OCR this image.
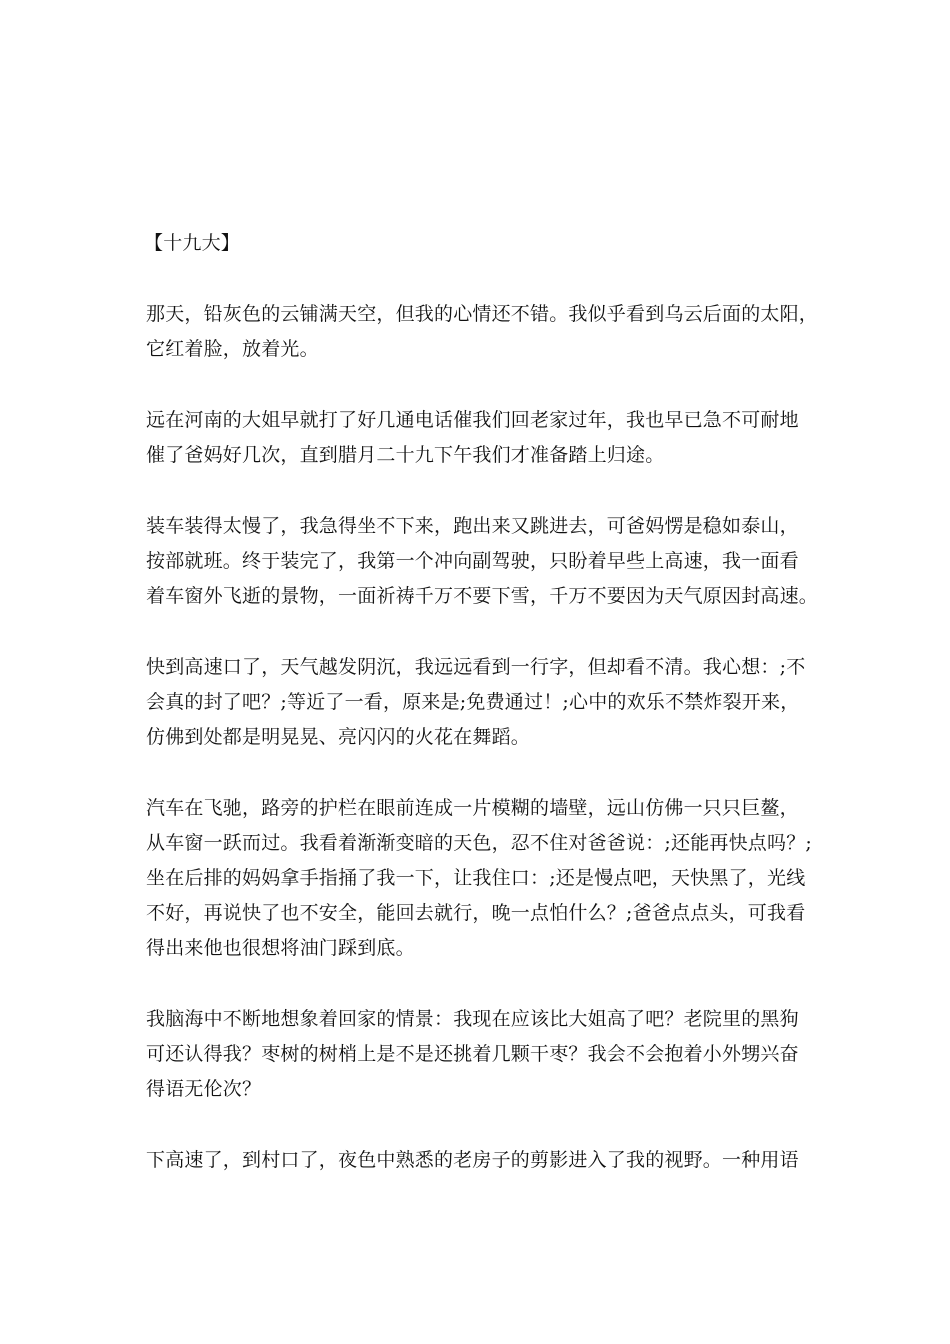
【十九大】

那天，铅灰色的云铺满天空，但我的心情还不错。我似乎看到乌云后面的太阳，
它红着脸，放着光。

远在河南的大姐早就打了好几通电话催我们回老家过年，我也早已急不可耐地
催了爸妈好几次，直到腊月二十九下午我们才准备踏上归途。

装车装得太慢了，我急得坐不下来，跑出来又跳进去，可爸妈愣是稳如泰山，
按部就班。终于装完了，我第一个冲向副驾驶，只盼着早些上高速，我一面看
着车窗外飞逝的景物，一面祈祷千万不要下雪，千万不要因为天气原因封高速。

快到高速口了，天气越发阴沉，我远远看到一行字，但却看不清。我心想：;不
会真的封了吧？;等近了一看，原来是;免费通过！;心中的欢乐不禁炸裂开来，
仿佛到处都是明晃晃、亮闪闪的火花在舞蹈。

汽车在飞驰，路旁的护栏在眼前连成一片模糊的墙壁，远山仿佛一只只巨鳌，
从车窗一跃而过。我看着渐渐变暗的天色，忍不住对爸爸说：;还能再快点吗？;
坐在后排的妈妈拿手指捅了我一下，让我住口：;还是慢点吧，天快黑了，光线
不好，再说快了也不安全，能回去就行，晚一点怕什么？;爸爸点点头，可我看
得出来他也很想将油门踩到底。

我脑海中不断地想象着回家的情景：我现在应该比大姐高了吧？老院里的黑狗
可还认得我？枣树的树梢上是不是还挑着几颗干枣？我会不会抱着小外甥兴奋
得语无伦次？

下高速了，到村口了，夜色中熟悉的老房子的剪影进入了我的视野。一种用语
